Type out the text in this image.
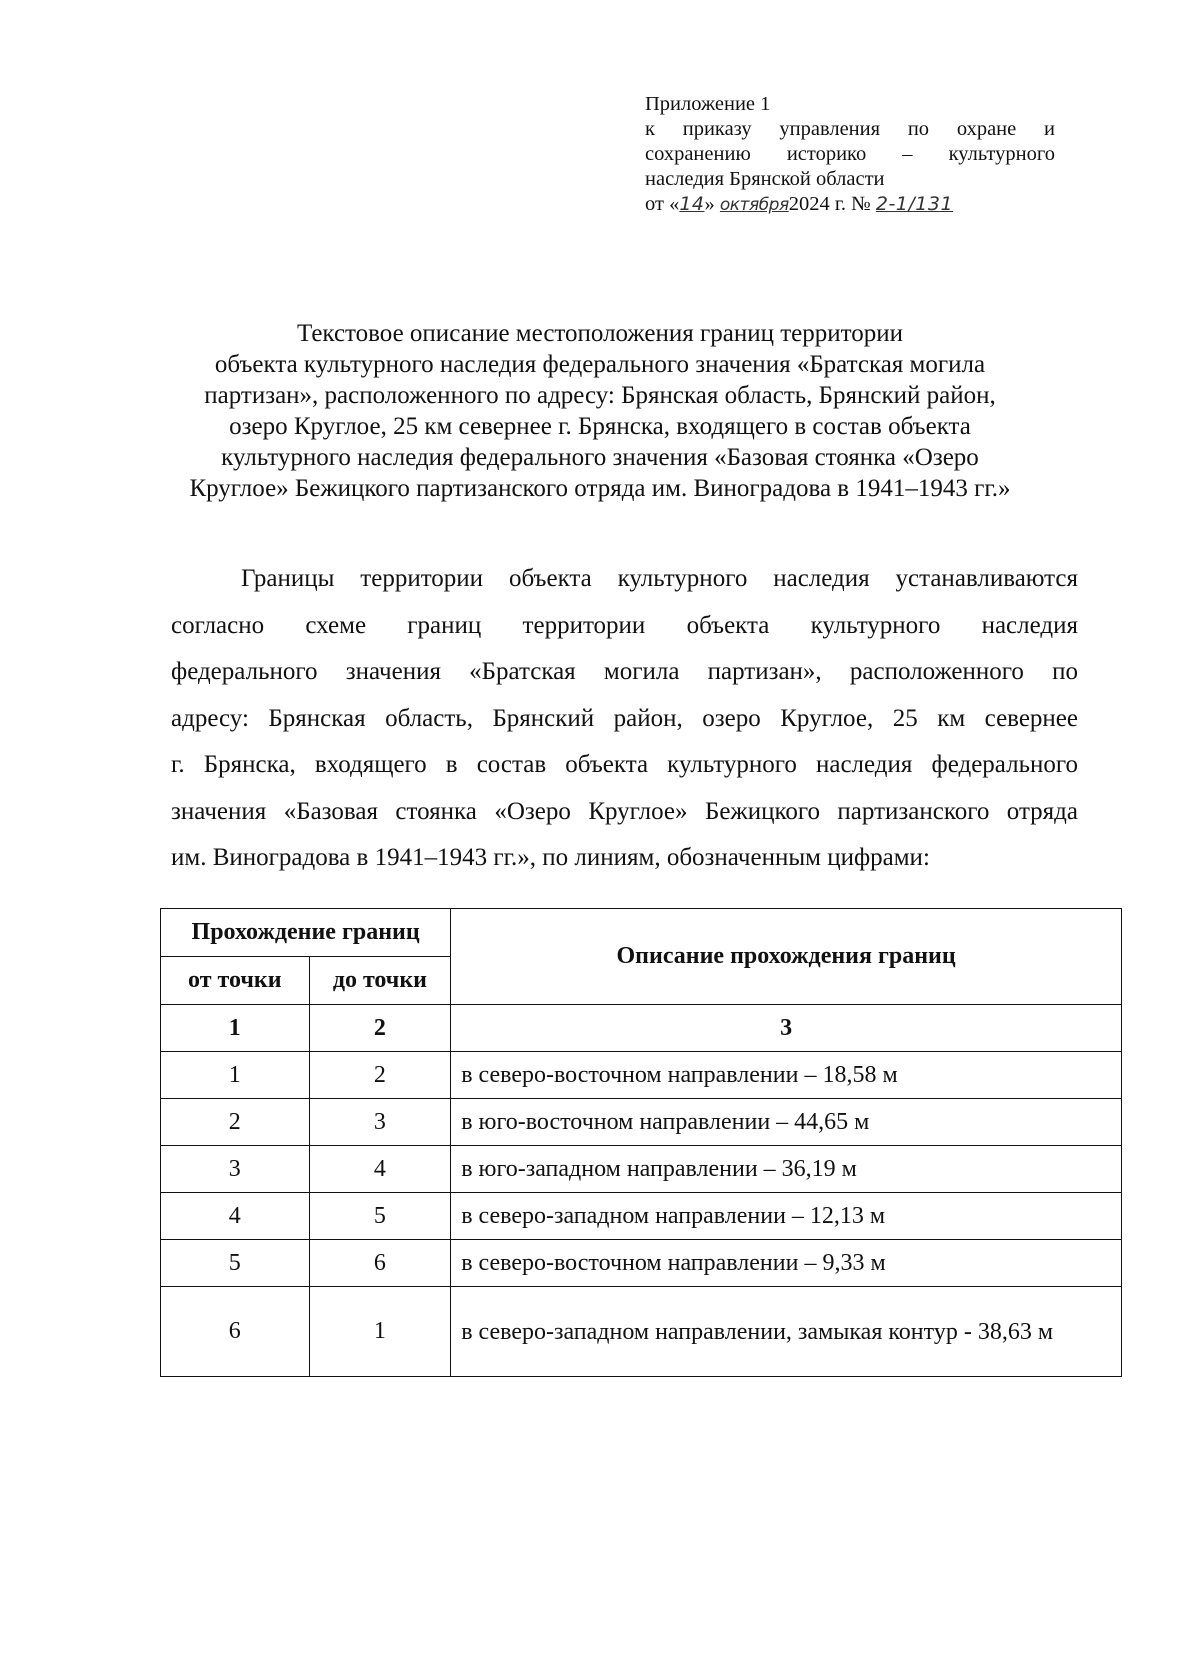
Приложение 1
к приказу управления по охране и
сохранению историко – культурного
наследия Брянской области
от «14» октября2024 г. № 2-1/131
Текстовое описание местоположения границ территории
объекта культурного наследия федерального значения «Братская могила
партизан», расположенного по адресу: Брянская область, Брянский район,
озеро Круглое, 25 км севернее г. Брянска, входящего в состав объекта
культурного наследия федерального значения «Базовая стоянка «Озеро
Круглое» Бежицкого партизанского отряда им. Виноградова в 1941–1943 гг.»
Границы территории объекта культурного наследия устанавливаются
согласно схеме границ территории объекта культурного наследия
федерального значения «Братская могила партизан», расположенного по
адресу: Брянская область, Брянский район, озеро Круглое, 25 км севернее
г. Брянска, входящего в состав объекта культурного наследия федерального
значения «Базовая стоянка «Озеро Круглое» Бежицкого партизанского отряда
им. Виноградова в 1941–1943 гг.», по линиям, обозначенным цифрами:
Прохождение границ		Описание прохождения границ
от точки	до точки	
1	2	3
1	2	в северо-восточном направлении – 18,58 м
2	3	в юго-восточном направлении – 44,65 м
3	4	в юго-западном направлении – 36,19 м
4	5	в северо-западном направлении – 12,13 м
5	6	в северо-восточном направлении – 9,33 м
6	1	в северо-западном направлении, замыкая контур - 38,63 м
